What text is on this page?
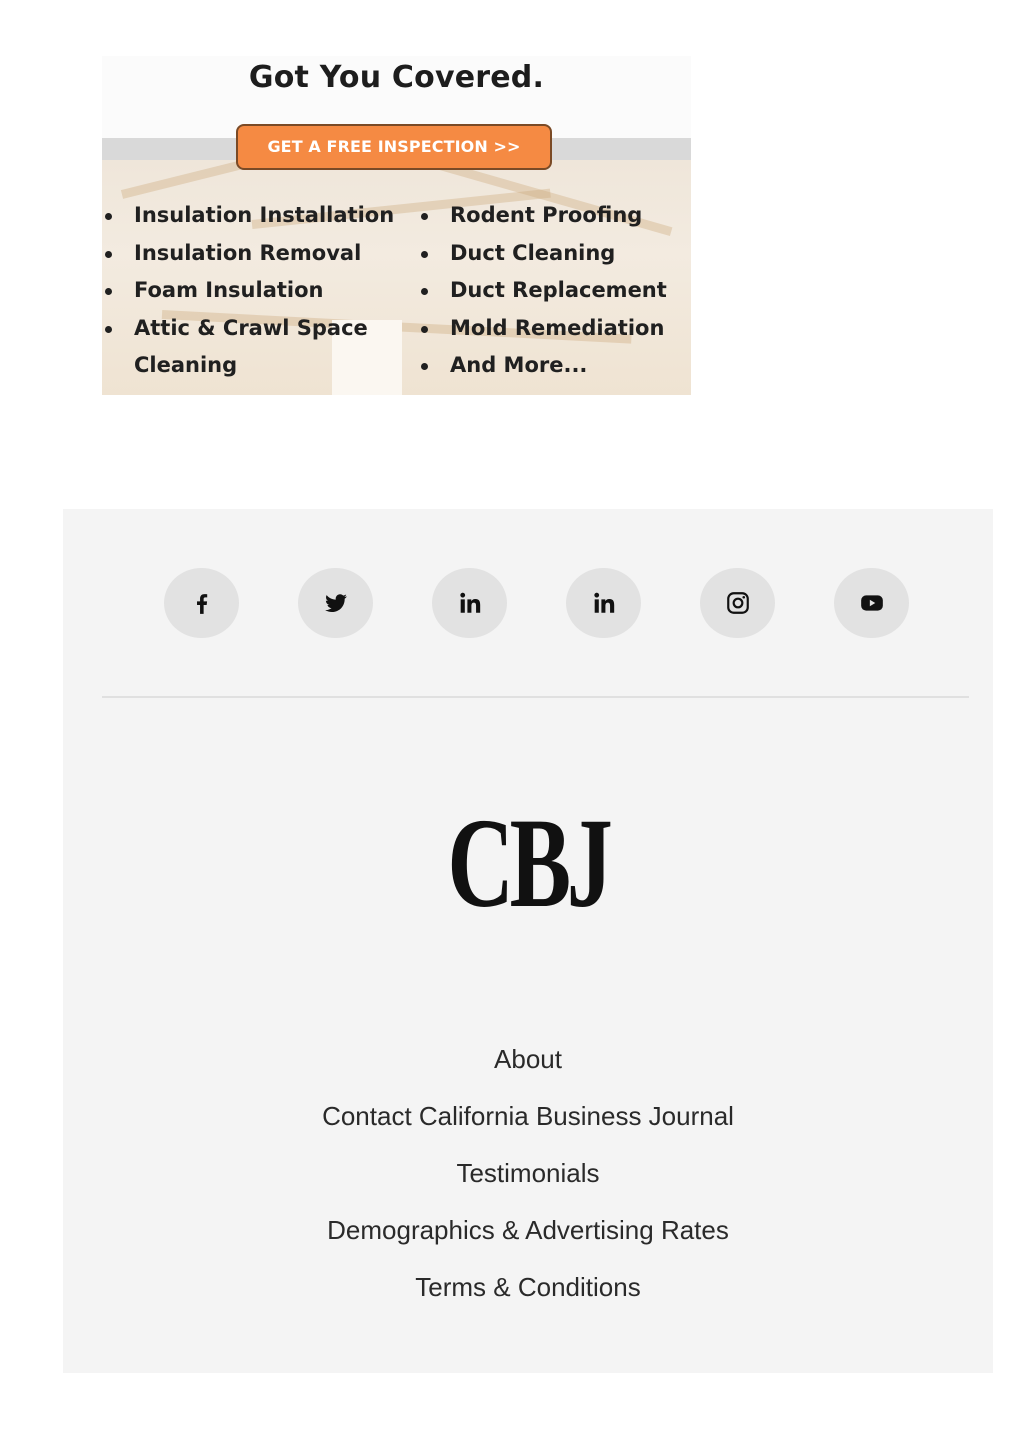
Got You Covered.
GET A FREE INSPECTION >>
Insulation Installation
Insulation Removal
Foam Insulation
Attic & Crawl Space
Cleaning
Rodent Proofing
Duct Cleaning
Duct Replacement
Mold Remediation
And More...
CBJ
About
Contact California Business Journal
Testimonials
Demographics & Advertising Rates
Terms & Conditions
